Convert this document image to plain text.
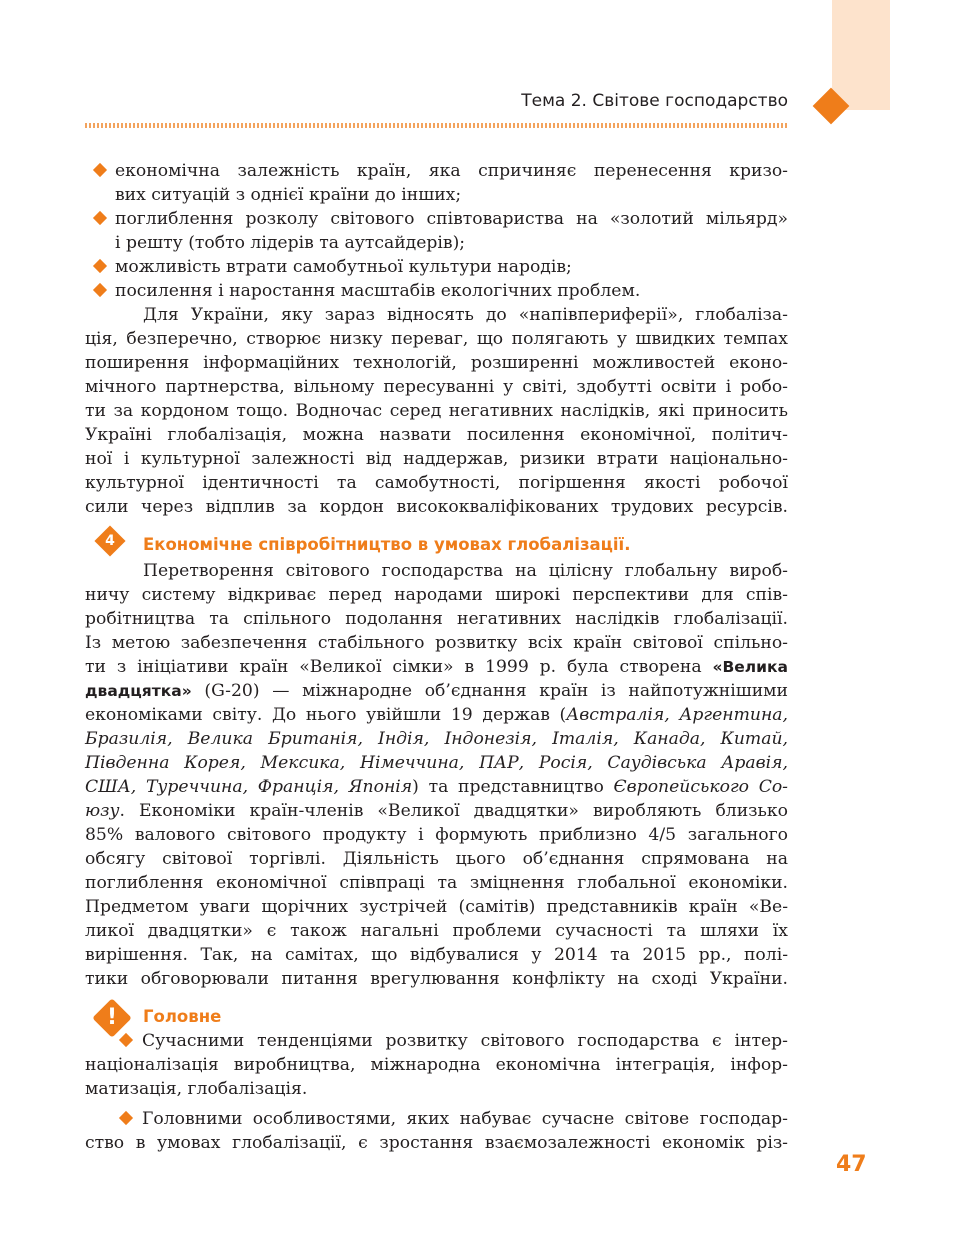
Тема 2. Світове господарство

економічна залежність країн, яка спричиняє перенесення кризо-

вих ситуацій з однієї країни до інших;

поглиблення розколу світового співтовариства на «золотий мільярд»

і решту (тобто лідерів та аутсайдерів);

можливість втрати самобутньої культури народів;

посилення і наростання масштабів екологічних проблем.

Для України, яку зараз відносять до «напівпериферії», глобаліза-

ція, безперечно, створює низку переваг, що полягають у швидких темпах

поширення інформаційних технологій, розширенні можливостей еконо-

мічного партнерства, вільному пересуванні у світі, здобутті освіти і робо-

ти за кордоном тощо. Водночас серед негативних наслідків, які приносить

Україні глобалізація, можна назвати посилення економічної, політич-

ної і культурної залежності від наддержав, ризики втрати національно-

культурної ідентичності та самобутності, погіршення якості робочої

сили через відплив за кордон висококваліфікованих трудових ресурсів.

4	Економічне співробітництво в умовах глобалізації.

Перетворення світового господарства на цілісну глобальну вироб-

ничу систему відкриває перед народами широкі перспективи для спів-

робітництва та спільного подолання негативних наслідків глобалізації.

Із метою забезпечення стабільного розвитку всіх країн світової спільно-

ти з ініціативи країн «Великої сімки» в 1999 р. була створена «Велика

двадцятка» (G-20) — міжнародне об’єднання країн із найпотужнішими

економіками світу. До нього увійшли 19 держав (Австралія, Аргентина,

Бразилія, Велика Британія, Індія, Індонезія, Італія, Канада, Китай,

Південна Корея, Мексика, Німеччина, ПАР, Росія, Саудівська Аравія,

США, Туреччина, Франція, Японія) та представництво Європейського Со-

юзу. Економіки країн-членів «Великої двадцятки» виробляють близько

85% валового світового продукту і формують приблизно 4/5 загального

обсягу світової торгівлі. Діяльність цього об’єднання спрямована на

поглиблення економічної співпраці та зміцнення глобальної економіки.

Предметом уваги щорічних зустрічей (самітів) представників країн «Ве-

ликої двадцятки» є також нагальні проблеми сучасності та шляхи їх

вирішення. Так, на самітах, що відбувалися у 2014 та 2015 рр., полі-

тики обговорювали питання врегулювання конфлікту на сході України.

!	Головне

Сучасними тенденціями розвитку світового господарства є інтер-

націоналізація виробництва, міжнародна економічна інтеграція, інфор-

матизація, глобалізація.

Головними особливостями, яких набуває сучасне світове господар-

ство в умовах глобалізації, є зростання взаємозалежності економік різ-

47
